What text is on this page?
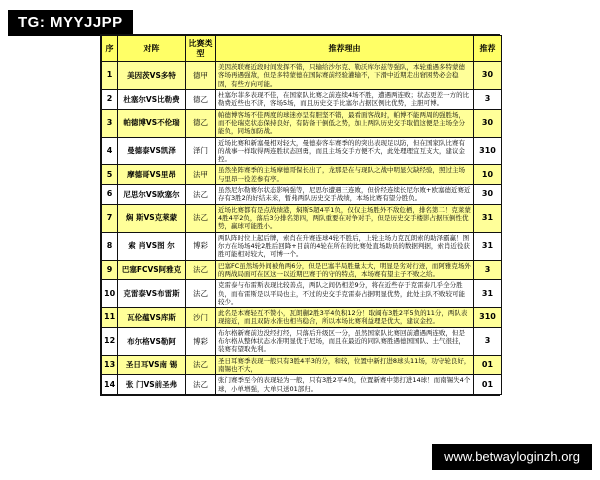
TG: MYYJJPP
序	对阵	比赛类型	推荐理由	推荐
1	美因茨VS多特	德甲	美因茨联赛近段时间发挥不错，只输给沙尔克、勒沃库尔兹等强队，本轮重遇多特蒙德客场再遇强敌，但是多特蒙德在国际赛前经验灌输不，下滑中近期走出窘困势必会稳固，有些方向可能。	30
2	杜塞尔VS比勒费	德乙	杜塞尔菲多表现不佳，在国家队比赛之前连续4场不胜，遭遇两连败；状态更差一方的比勒费近些也不济，客场5场，而且历史交手比塞尔占据区例比优势，主胆可博。	3
3	帕德博VS不伦瑞	德乙	帕德博客场不佳两度的球迷亦呈有胆坚不错，最看面客战时，帕博不能两周的强胜场，而不伦瑞克状态保持良好，有防备干倒低之势，加上两队历史交手取值这便是主场全分能负，同场加防战。	30
4	曼德泰VS凯泽	泽门	近场比赛和新塞曼相对轻大，曼德泰客车赛季的的突出表现足以防，但在国家队比赛有的战事一样取得两连胜状态回勇，而且主场交手方便不大，此处理理宜互支大，建议金控。	310
5	摩德哥VS里昂	法甲	虽然坐阵赛季的主场摩德哥保长出了，龙那是在与现队之战中明显欠缺经验，照过主场与里昂一役差参有亭。	10
6	尼思尔VS欧塞尔	法乙	虽然尼尔勒赛尔状态影响强等，尼思尔遭遇三连败，但价经连续长尼尔败+欧塞德近赛近存有3胜2的好结未来，暂弗两队历史交手战绩，本场比赛有望分胜负。	30
7	焖 斯VS克莱蒙	法乙	近场比赛都有是点战绩港，焖斯5超4平1负，仅仅主场胜外不敌危栖，排名第二！克莱蒙4胜4平2负，落后3分排名第四，两队重要在对争对手，但是历史交手楼影占据压倒性优势，赢球可能胜小。	31
8	索 肖VS图 尔	博彩	两队阵时位上起后牌，索肖在升赛连球4轮不胜后，上轮主场力克瓦朗索的助泽霸赢！图尔方在场场4轮2胜后回降+目前的4轮在所在的比赛处直场助员的数据判据，索肖近役获胜可能相对较大，可博一个。	31
9	巴塞FCVS阿雅克	法乙	巴塞FC虽然场外间被角两6分，但是巴塞半局胜量太大，明显是劣对行迹，而阿雅克场外的两战局面可在区这一以近期巴赛于的守的特点，本场赛有望主子不败之给。	3
10	克雷泰VS布雷斯	法乙	克雷泰与布雷斯表现比较善点，两队之间仍相差9分，将在近些存于克雷泰几乎全分胜负，而布雷斯是以平局也主，不过的史交手克雷泰占据明显优势，此处主队不败较可能较少。	31
11	瓦伦蕴VS库斯	沙门	此名是本赛轻互不赞小，瓦朗蒯2胜3平4负积12分！取阔布3胜2平5负的11分，两队表现接近，而且双防水准也相当稳合，所以本场比赛利益理是优大，建议金控。	310
12	布尔格VS勒阿	博彩	布尔格新赛前边没经打经，只落后升级区一分，虽然国家队比赛回前遭遇两连败，但是布尔格从整体状态水准明显优于尼场，而且在最近的同队赛胜遇德国国队、土气很挂，装赛有望取先利。	3
13	圣日耳VS南 锡	法乙	圣日耳赛季表现一般只有3胜4平3的分，和较，位置中新打进8球头11场，功守轮良好，南锡也不大，	01
14	张 门VS前圣弗	法乙	张门赛季至今的表现轻为一般，只有3胜2平4负，位置新赛中第打进14球！而南锡失4个球，小单增强，大单只送01部归。	01
www.betwayloginzh.org
